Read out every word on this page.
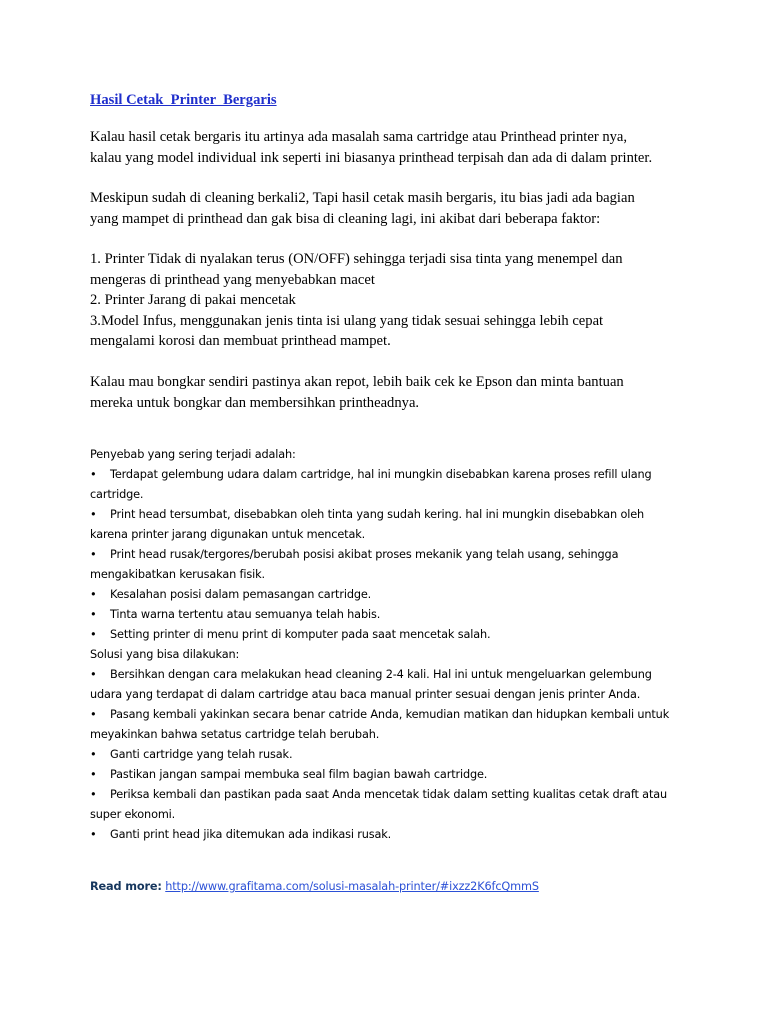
Hasil Cetak  Printer  Bergaris

Kalau hasil cetak bergaris itu artinya ada masalah sama cartridge atau Printhead printer nya,
kalau yang model individual ink seperti ini biasanya printhead terpisah dan ada di dalam printer.

Meskipun sudah di cleaning berkali2, Tapi hasil cetak masih bergaris, itu bias jadi ada bagian
yang mampet di printhead dan gak bisa di cleaning lagi, ini akibat dari beberapa faktor:

1. Printer Tidak di nyalakan terus (ON/OFF) sehingga terjadi sisa tinta yang menempel dan
mengeras di printhead yang menyebabkan macet
2. Printer Jarang di pakai mencetak
3.Model Infus, menggunakan jenis tinta isi ulang yang tidak sesuai sehingga lebih cepat
mengalami korosi dan membuat printhead mampet.

Kalau mau bongkar sendiri pastinya akan repot, lebih baik cek ke Epson dan minta bantuan
mereka untuk bongkar dan membersihkan printheadnya.

Penyebab yang sering terjadi adalah:
• Terdapat gelembung udara dalam cartridge, hal ini mungkin disebabkan karena proses refill ulang
cartridge.
• Print head tersumbat, disebabkan oleh tinta yang sudah kering. hal ini mungkin disebabkan oleh
karena printer jarang digunakan untuk mencetak.
• Print head rusak/tergores/berubah posisi akibat proses mekanik yang telah usang, sehingga
mengakibatkan kerusakan fisik.
• Kesalahan posisi dalam pemasangan cartridge.
• Tinta warna tertentu atau semuanya telah habis.
• Setting printer di menu print di komputer pada saat mencetak salah.
Solusi yang bisa dilakukan:
• Bersihkan dengan cara melakukan head cleaning 2-4 kali. Hal ini untuk mengeluarkan gelembung
udara yang terdapat di dalam cartridge atau baca manual printer sesuai dengan jenis printer Anda.
• Pasang kembali yakinkan secara benar catride Anda, kemudian matikan dan hidupkan kembali untuk
meyakinkan bahwa setatus cartridge telah berubah.
• Ganti cartridge yang telah rusak.
• Pastikan jangan sampai membuka seal film bagian bawah cartridge.
• Periksa kembali dan pastikan pada saat Anda mencetak tidak dalam setting kualitas cetak draft atau
super ekonomi.
• Ganti print head jika ditemukan ada indikasi rusak.
Read more: http://www.grafitama.com/solusi-masalah-printer/#ixzz2K6fcQmmS
